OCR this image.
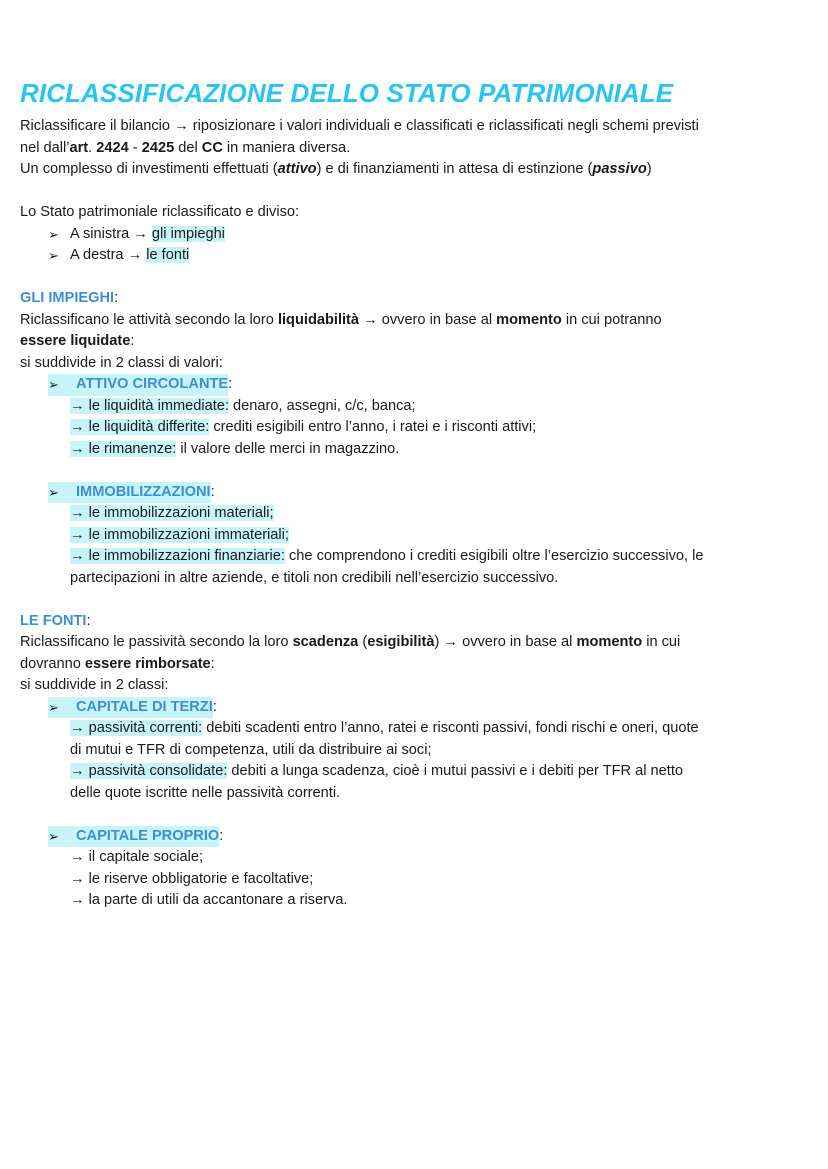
RICLASSIFICAZIONE DELLO STATO PATRIMONIALE

Riclassificare il bilancio → riposizionare i valori individuali e classificati e riclassificati negli schemi previsti

nel dall’art. 2424 - 2425 del CC in maniera diversa.

Un complesso di investimenti effettuati (attivo) e di finanziamenti in attesa di estinzione (passivo)

Lo Stato patrimoniale riclassificato e diviso:

➢ A sinistra → gli impieghi
➢ A destra → le fonti

GLI IMPIEGHI:

Riclassificano le attività secondo la loro liquidabilità → ovvero in base al momento in cui potranno

essere liquidate:

si suddivide in 2 classi di valori:

➢	ATTIVO CIRCOLANTE :

→ le liquidità immediate: denaro, assegni, c/c, banca;

→ le liquidità differite: crediti esigibili entro l’anno, i ratei e i risconti attivi;

→ le rimanenze: il valore delle merci in magazzino.

➢	IMMOBILIZZAZIONI :

→ le immobilizzazioni materiali;

→ le immobilizzazioni immateriali;

→ le immobilizzazioni finanziarie: che comprendono i crediti esigibili oltre l’esercizio successivo, le

partecipazioni in altre aziende, e titoli non credibili nell’esercizio successivo.

LE FONTI:

Riclassificano le passività secondo la loro scadenza (esigibilità) → ovvero in base al momento in cui

dovranno essere rimborsate:

si suddivide in 2 classi:

➢	CAPITALE DI TERZI :

→ passività correnti: debiti scadenti entro l’anno, ratei e risconti passivi, fondi rischi e oneri, quote

di mutui e TFR di competenza, utili da distribuire ai soci;

→ passività consolidate: debiti a lunga scadenza, cioè i mutui passivi e i debiti per TFR al netto

delle quote iscritte nelle passività correnti.

➢	CAPITALE PROPRIO :

→ il capitale sociale;

→ le riserve obbligatorie e facoltative;

→ la parte di utili da accantonare a riserva.
